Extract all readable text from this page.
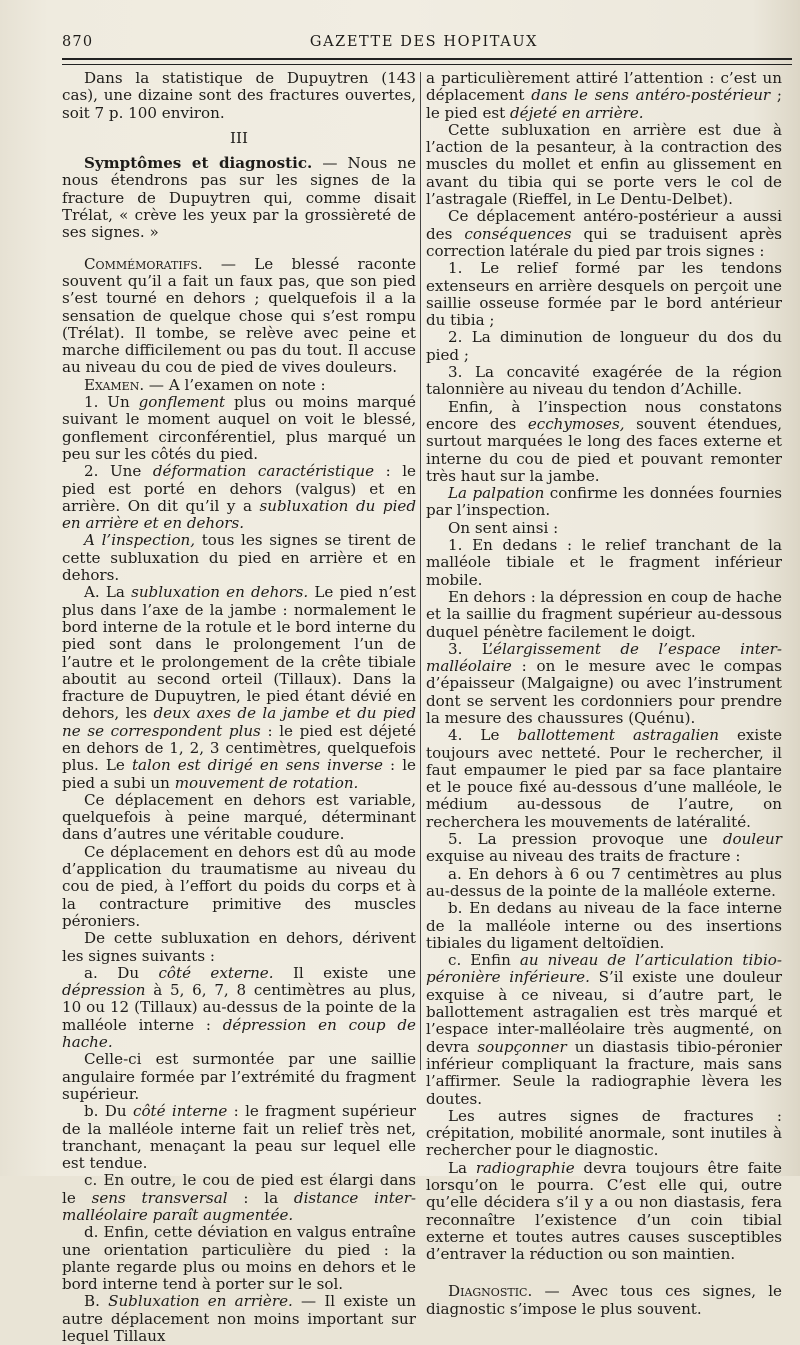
870	GAZETTE DES HOPITAUX

Dans la statistique de Dupuytren (143 cas), une dizaine sont des fractures ouvertes, soit 7 p. 100 environ.

III

Symptômes et diagnostic. — Nous ne nous étendrons pas sur les signes de la fracture de Dupuytren qui, comme disait Trélat, « crève les yeux par la grossièreté de ses signes. »

Commémoratifs. — Le blessé raconte souvent qu’il a fait un faux pas, que son pied s’est tourné en dehors ; quelquefois il a la sensation de quelque chose qui s’est rompu (Trélat). Il tombe, se relève avec peine et marche difficilement ou pas du tout. Il accuse au niveau du cou de pied de vives douleurs.

Examen. — A l’examen on note :

1. Un gonflement plus ou moins marqué suivant le moment auquel on voit le blessé, gonflement circonférentiel, plus marqué un peu sur les côtés du pied.

2. Une déformation caractéristique : le pied est porté en dehors (valgus) et en arrière. On dit qu’il y a subluxation du pied en arrière et en dehors.

A l’inspection, tous les signes se tirent de cette subluxation du pied en arrière et en dehors.

A. La subluxation en dehors. Le pied n’est plus dans l’axe de la jambe : normalement le bord interne de la rotule et le bord interne du pied sont dans le prolongement l’un de l’autre et le prolongement de la crête tibiale aboutit au second orteil (Tillaux). Dans la fracture de Dupuytren, le pied étant dévié en dehors, les deux axes de la jambe et du pied ne se correspondent plus : le pied est déjeté en dehors de 1, 2, 3 centimètres, quelquefois plus. Le talon est dirigé en sens inverse : le pied a subi un mouvement de rotation.

Ce déplacement en dehors est variable, quelquefois à peine marqué, déterminant dans d’autres une véritable coudure.

Ce déplacement en dehors est dû au mode d’application du traumatisme au niveau du cou de pied, à l’effort du poids du corps et à la contracture primitive des muscles péroniers.

De cette subluxation en dehors, dérivent les signes suivants :

a. Du côté externe. Il existe une dépression à 5, 6, 7, 8 centimètres au plus, 10 ou 12 (Tillaux) au-dessus de la pointe de la malléole interne : dépression en coup de hache.

Celle-ci est surmontée par une saillie angulaire formée par l’extrémité du fragment supérieur.

b. Du côté interne : le fragment supérieur de la malléole interne fait un relief très net, tranchant, menaçant la peau sur lequel elle est tendue.

c. En outre, le cou de pied est élargi dans le sens transversal : la distance inter-malléolaire paraît augmentée.

d. Enfin, cette déviation en valgus entraîne une orientation particulière du pied : la plante regarde plus ou moins en dehors et le bord interne tend à porter sur le sol.

B. Subluxation en arrière. — Il existe un autre déplacement non moins important sur lequel Tillaux

a particulièrement attiré l’attention : c’est un déplacement dans le sens antéro-postérieur ; le pied est déjeté en arrière.

Cette subluxation en arrière est due à l’action de la pesanteur, à la contraction des muscles du mollet et enfin au glissement en avant du tibia qui se porte vers le col de l’astragale (Rieffel, in Le Dentu-Delbet).

Ce déplacement antéro-postérieur a aussi des conséquences qui se traduisent après correction latérale du pied par trois signes :

1. Le relief formé par les tendons extenseurs en arrière desquels on perçoit une saillie osseuse formée par le bord antérieur du tibia ;

2. La diminution de longueur du dos du pied ;

3. La concavité exagérée de la région talonnière au niveau du tendon d’Achille.

Enfin, à l’inspection nous constatons encore des ecchymoses, souvent étendues, surtout marquées le long des faces externe et interne du cou de pied et pouvant remonter très haut sur la jambe.

La palpation confirme les données fournies par l’inspection.

On sent ainsi :

1. En dedans : le relief tranchant de la malléole tibiale et le fragment inférieur mobile.

En dehors : la dépression en coup de hache et la saillie du fragment supérieur au-dessous duquel pénètre facilement le doigt.

3. L’élargissement de l’espace inter-malléolaire : on le mesure avec le compas d’épaisseur (Malgaigne) ou avec l’instrument dont se servent les cordonniers pour prendre la mesure des chaussures (Quénu).

4. Le ballottement astragalien existe toujours avec netteté. Pour le rechercher, il faut empaumer le pied par sa face plantaire et le pouce fixé au-dessous d’une malléole, le médium au-dessous de l’autre, on recherchera les mouvements de latéralité.

5. La pression provoque une douleur exquise au niveau des traits de fracture :

a. En dehors à 6 ou 7 centimètres au plus au-dessus de la pointe de la malléole externe.

b. En dedans au niveau de la face interne de la malléole interne ou des insertions tibiales du ligament deltoïdien.

c. Enfin au niveau de l’articulation tibio-péronière inférieure. S’il existe une douleur exquise à ce niveau, si d’autre part, le ballottement astragalien est très marqué et l’espace inter-malléolaire très augmenté, on devra soupçonner un diastasis tibio-péronier inférieur compliquant la fracture, mais sans l’affirmer. Seule la radiographie lèvera les doutes.

Les autres signes de fractures : crépitation, mobilité anormale, sont inutiles à rechercher pour le diagnostic.

La radiographie devra toujours être faite lorsqu’on le pourra. C’est elle qui, outre qu’elle décidera s’il y a ou non diastasis, fera reconnaître l’existence d’un coin tibial externe et toutes autres causes susceptibles d’entraver la réduction ou son maintien.

Diagnostic. — Avec tous ces signes, le diagnostic s’impose le plus souvent.
